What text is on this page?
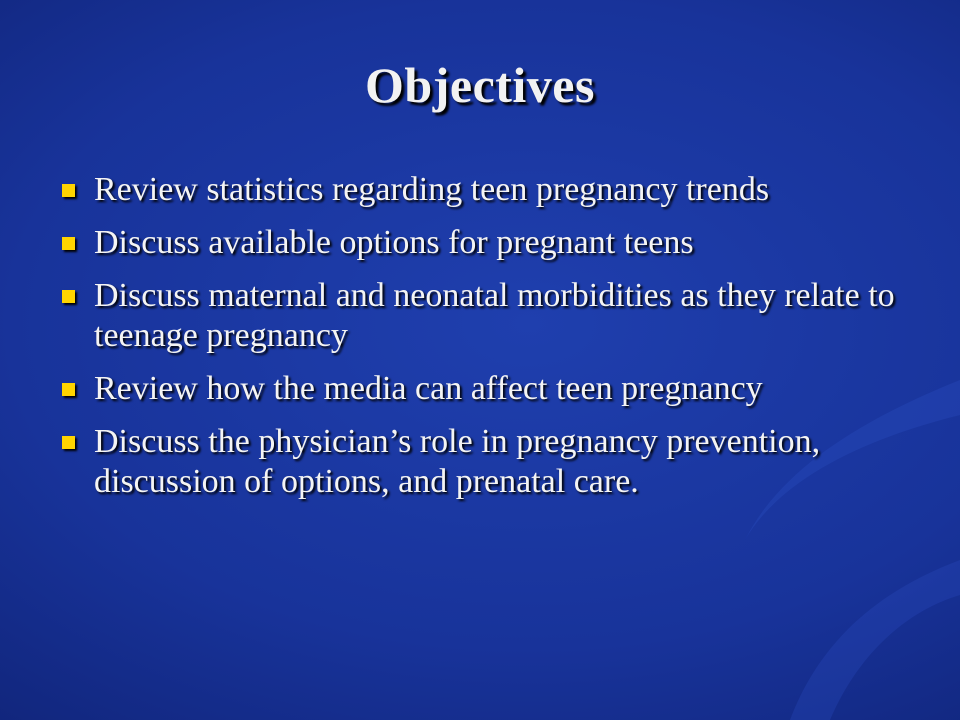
Objectives
Review statistics regarding teen pregnancy trends
Discuss available options for pregnant teens
Discuss maternal and neonatal morbidities as they relate to teenage pregnancy
Review how the media can affect teen pregnancy
Discuss the physician’s role in pregnancy prevention, discussion of options, and prenatal care.
